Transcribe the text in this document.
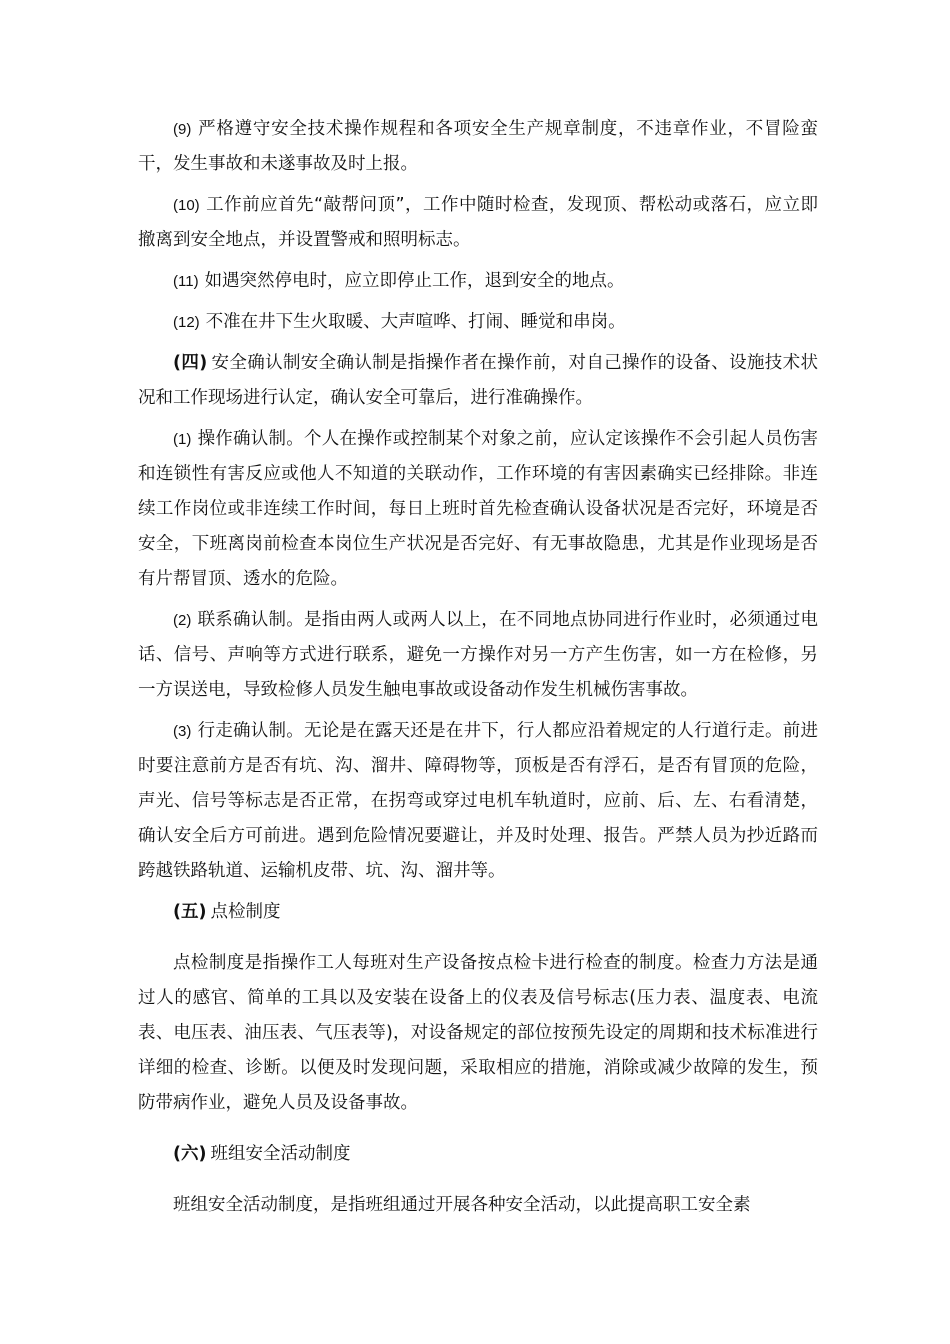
(9) 严格遵守安全技术操作规程和各项安全生产规章制度，不违章作业，不冒险蛮干，发生事故和未遂事故及时上报。

(10) 工作前应首先“敲帮问顶”，工作中随时检查，发现顶、帮松动或落石，应立即撤离到安全地点，并设置警戒和照明标志。

(11) 如遇突然停电时，应立即停止工作，退到安全的地点。

(12) 不准在井下生火取暖、大声喧哗、打闹、睡觉和串岗。

(四) 安全确认制安全确认制是指操作者在操作前，对自己操作的设备、设施技术状况和工作现场进行认定，确认安全可靠后，进行准确操作。

(1) 操作确认制。个人在操作或控制某个对象之前，应认定该操作不会引起人员伤害和连锁性有害反应或他人不知道的关联动作，工作环境的有害因素确实已经排除。非连续工作岗位或非连续工作时间，每日上班时首先检查确认设备状况是否完好，环境是否安全，下班离岗前检查本岗位生产状况是否完好、有无事故隐患，尤其是作业现场是否有片帮冒顶、透水的危险。

(2) 联系确认制。是指由两人或两人以上，在不同地点协同进行作业时，必须通过电话、信号、声响等方式进行联系，避免一方操作对另一方产生伤害，如一方在检修，另一方误送电，导致检修人员发生触电事故或设备动作发生机械伤害事故。

(3) 行走确认制。无论是在露天还是在井下，行人都应沿着规定的人行道行走。前进时要注意前方是否有坑、沟、溜井、障碍物等，顶板是否有浮石，是否有冒顶的危险，声光、信号等标志是否正常，在拐弯或穿过电机车轨道时，应前、后、左、右看清楚，确认安全后方可前进。遇到危险情况要避让，并及时处理、报告。严禁人员为抄近路而跨越铁路轨道、运输机皮带、坑、沟、溜井等。

(五) 点检制度

点检制度是指操作工人每班对生产设备按点检卡进行检查的制度。检查力方法是通过人的感官、简单的工具以及安装在设备上的仪表及信号标志(压力表、温度表、电流表、电压表、油压表、气压表等)，对设备规定的部位按预先设定的周期和技术标准进行详细的检查、诊断。以便及时发现问题，采取相应的措施，消除或减少故障的发生，预防带病作业，避免人员及设备事故。

(六) 班组安全活动制度

班组安全活动制度，是指班组通过开展各种安全活动，以此提高职工安全素
